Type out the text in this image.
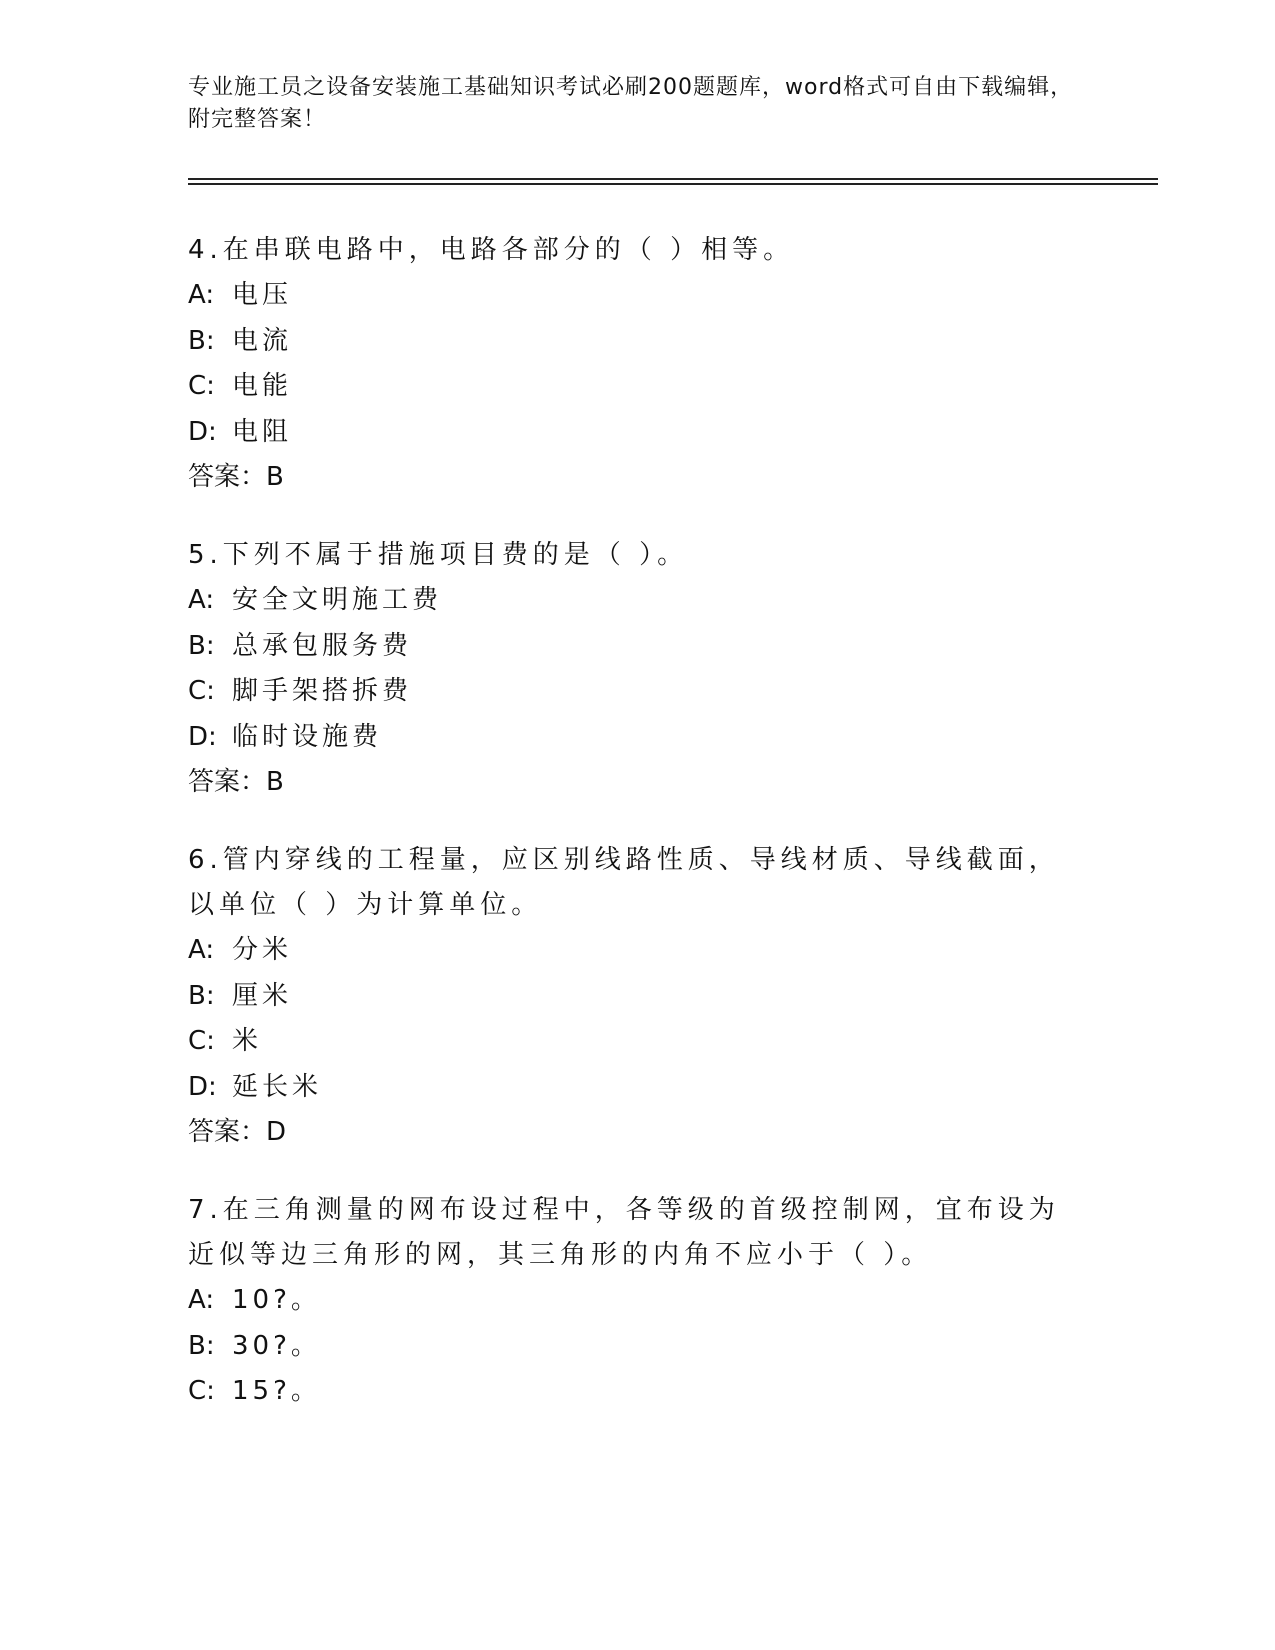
专业施工员之设备安装施工基础知识考试必刷200题题库，word格式可自由下载编辑，附完整答案！

4.在串联电路中，电路各部分的（ ）相等。

A: 电压

B: 电流

C: 电能

D: 电阻

答案：B

5.下列不属于措施项目费的是（ ）。

A: 安全文明施工费

B: 总承包服务费

C: 脚手架搭拆费

D: 临时设施费

答案：B

6.管内穿线的工程量，应区别线路性质、导线材质、导线截面，以单位（ ）为计算单位。

A: 分米

B: 厘米

C: 米

D: 延长米

答案：D

7.在三角测量的网布设过程中，各等级的首级控制网，宜布设为近似等边三角形的网，其三角形的内角不应小于（ ）。

A: 10?。

B: 30?。

C: 15?。
